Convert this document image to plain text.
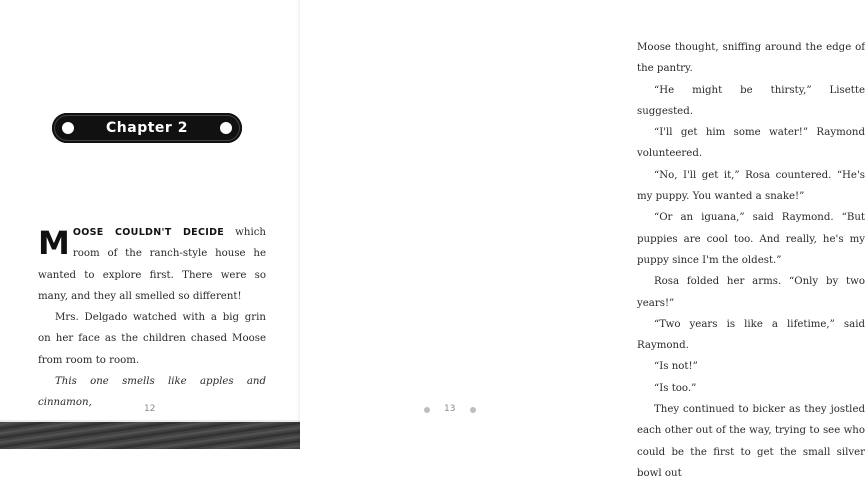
Chapter 2

MOOSE COULDN'T DECIDE which room of the ranch-style house he wanted to explore first. There were so many, and they all smelled so different!

Mrs. Delgado watched with a big grin on her face as the children chased Moose from room to room.

This one smells like apples and cinnamon,

12

Moose thought, sniffing around the edge of the pantry.

“He might be thirsty,” Lisette suggested.

“I'll get him some water!” Raymond volunteered.

“No, I'll get it,” Rosa countered. “He's my puppy. You wanted a snake!”

“Or an iguana,” said Raymond. “But puppies are cool too. And really, he's my puppy since I'm the oldest.”

Rosa folded her arms. “Only by two years!”

“Two years is like a lifetime,” said Raymond.

“Is not!”

“Is too.”

They continued to bicker as they jostled each other out of the way, trying to see who could be the first to get the small silver bowl out

13
